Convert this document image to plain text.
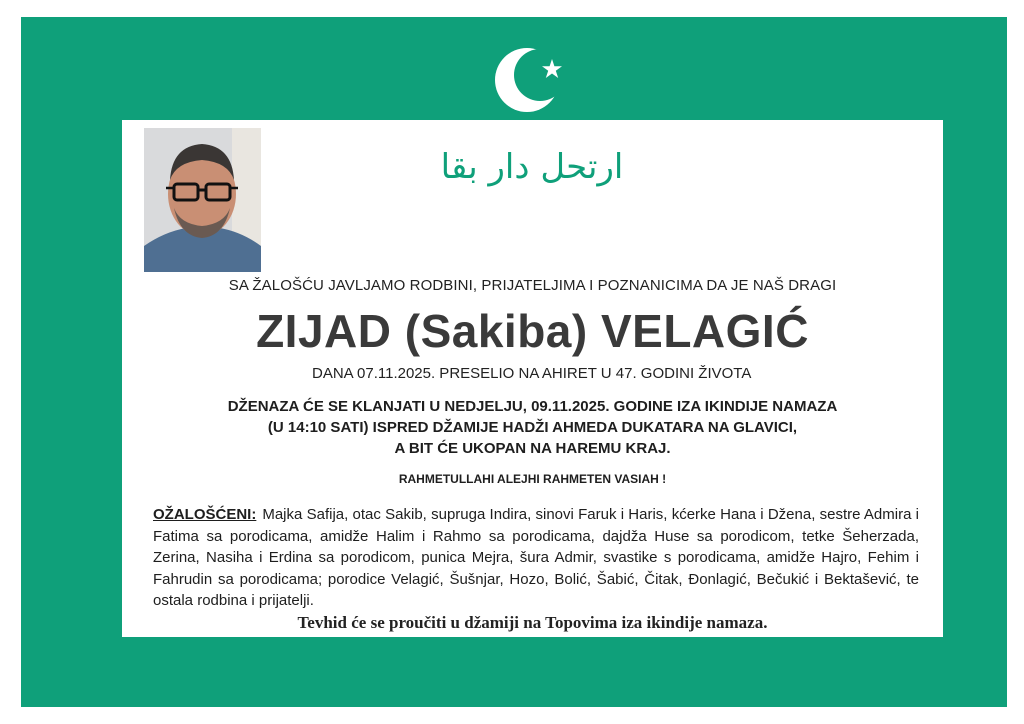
ارتحل دار بقا
SA ŽALOŠĆU JAVLJAMO RODBINI, PRIJATELJIMA I POZNANICIMA DA JE NAŠ DRAGI
ZIJAD (Sakiba) VELAGIĆ
DANA 07.11.2025. PRESELIO NA AHIRET U 47. GODINI ŽIVOTA
DŽENAZA ĆE SE KLANJATI U NEDJELJU, 09.11.2025. GODINE IZA IKINDIJE NAMAZA
(U 14:10 SATI) ISPRED DŽAMIJE HADŽI AHMEDA DUKATARA NA GLAVICI,
A BIT ĆE UKOPAN NA HAREMU KRAJ.
RAHMETULLAHI ALEJHI RAHMETEN VASIAH !
OŽALOŠĆENI: Majka Safija, otac Sakib, supruga Indira, sinovi Faruk i Haris, kćerke Hana i Džena, sestre Admira i Fatima sa porodicama, amidže Halim i Rahmo sa porodicama, dajdža Huse sa porodicom, tetke Šeherzada, Zerina, Nasiha i Erdina sa porodicom, punica Mejra, šura Admir, svastike s porodicama, amidže Hajro, Fehim i Fahrudin sa porodicama; porodice Velagić, Šušnjar, Hozo, Bolić, Šabić, Čitak, Đonlagić, Bečukić i Bektašević, te ostala rodbina i prijatelji.
Tevhid će se proučiti u džamiji na Topovima iza ikindije namaza.
